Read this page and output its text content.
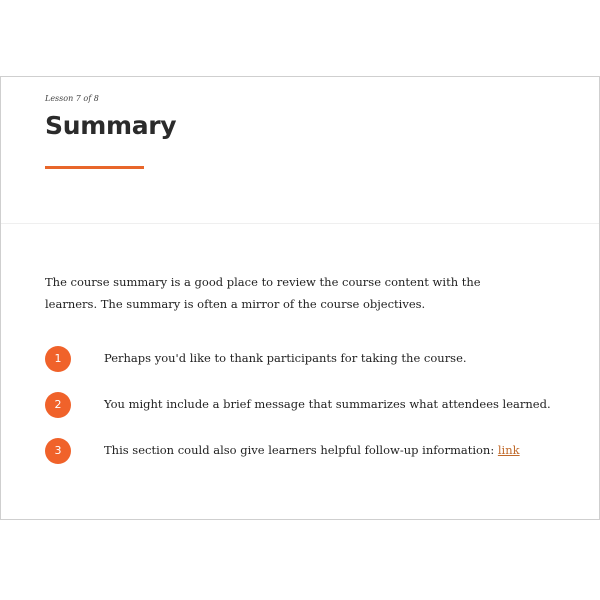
Lesson 7 of 8
Summary

The course summary is a good place to review the course content with the learners. The summary is often a mirror of the course objectives.

1	Perhaps you'd like to thank participants for taking the course.
2	You might include a brief message that summarizes what attendees learned.
3	This section could also give learners helpful follow-up information: link
